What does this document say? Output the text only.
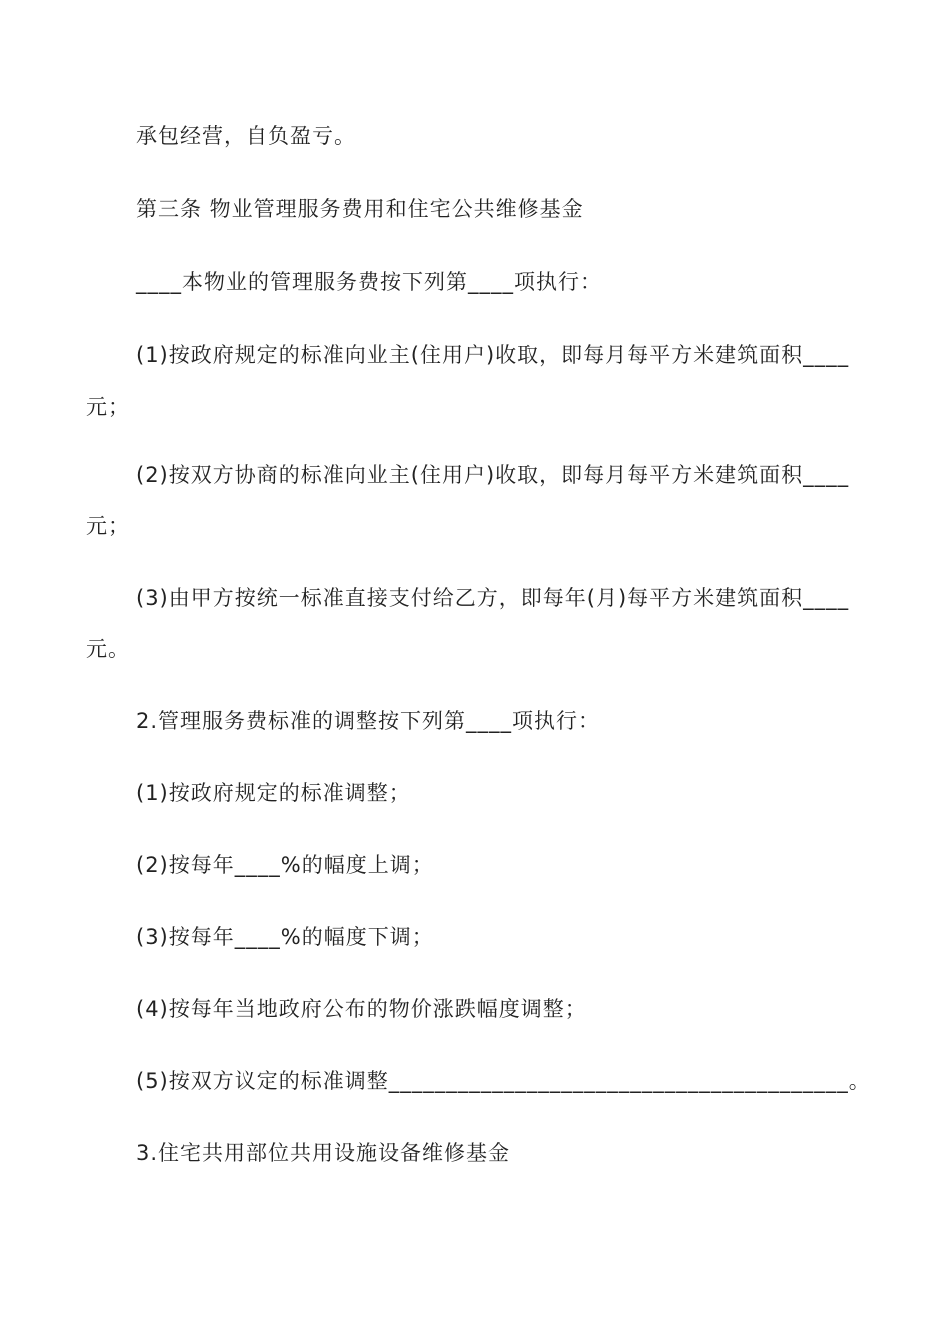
承包经营，自负盈亏。
第三条 物业管理服务费用和住宅公共维修基金
____本物业的管理服务费按下列第____项执行：
(1)按政府规定的标准向业主(住用户)收取，即每月每平方米建筑面积____
元；
(2)按双方协商的标准向业主(住用户)收取，即每月每平方米建筑面积____
元；
(3)由甲方按统一标准直接支付给乙方，即每年(月)每平方米建筑面积____
元。
2.管理服务费标准的调整按下列第____项执行：
(1)按政府规定的标准调整；
(2)按每年____%的幅度上调；
(3)按每年____%的幅度下调；
(4)按每年当地政府公布的物价涨跌幅度调整；
(5)按双方议定的标准调整________________________________________。
3.住宅共用部位共用设施设备维修基金
